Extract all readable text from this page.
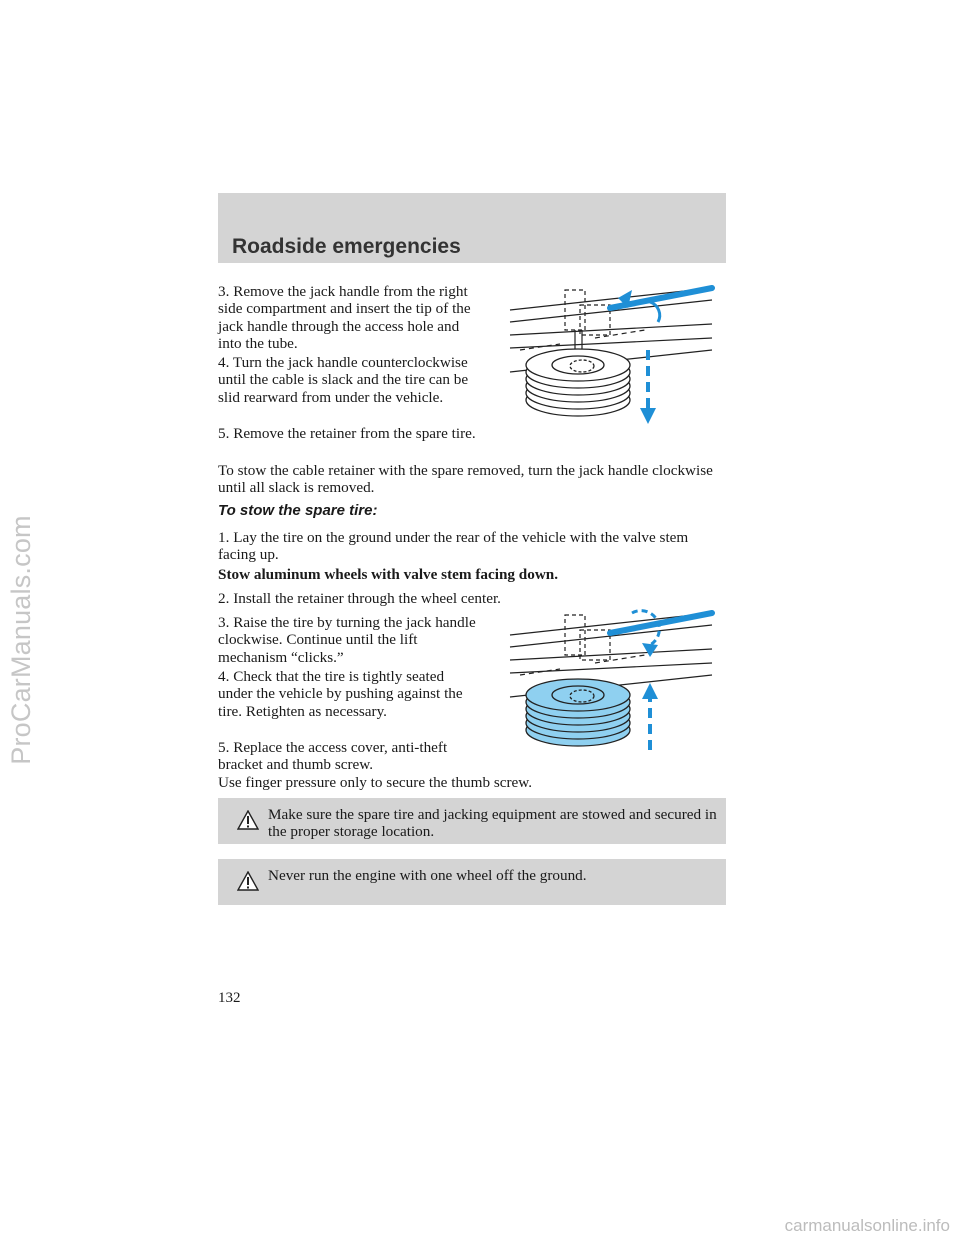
ProCarManuals.com
Roadside emergencies

3. Remove the jack handle from the right side compartment and insert the tip of the jack handle through the access hole and into the tube.

4. Turn the jack handle counterclockwise until the cable is slack and the tire can be slid rearward from under the vehicle.

5. Remove the retainer from the spare tire.

To stow the cable retainer with the spare removed, turn the jack handle clockwise until all slack is removed.

To stow the spare tire:

1. Lay the tire on the ground under the rear of the vehicle with the valve stem facing up.

Stow aluminum wheels with valve stem facing down.

2. Install the retainer through the wheel center.

3. Raise the tire by turning the jack handle clockwise. Continue until the lift mechanism “clicks.”

4. Check that the tire is tightly seated under the vehicle by pushing against the tire. Retighten as necessary.

5. Replace the access cover, anti-theft bracket and thumb screw.

Use finger pressure only to secure the thumb screw.

Make sure the spare tire and jacking equipment are stowed and secured in the proper storage location.

Never run the engine with one wheel off the ground.

132
carmanualsonline.info
